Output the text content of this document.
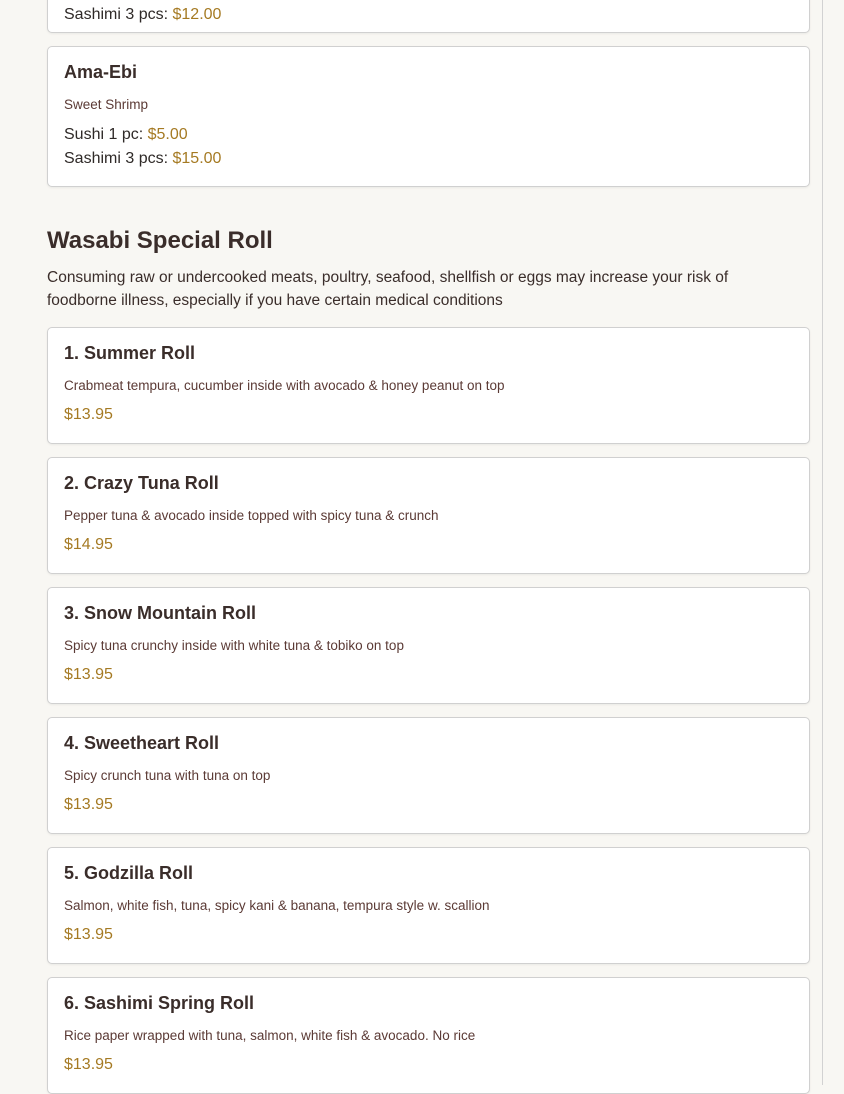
Sashimi 3 pcs: $12.00
Ama-Ebi
Sweet Shrimp
Sushi 1 pc: $5.00
Sashimi 3 pcs: $15.00
Wasabi Special Roll
Consuming raw or undercooked meats, poultry, seafood, shellfish or eggs may increase your risk of foodborne illness, especially if you have certain medical conditions
1. Summer Roll
Crabmeat tempura, cucumber inside with avocado & honey peanut on top
$13.95
2. Crazy Tuna Roll
Pepper tuna & avocado inside topped with spicy tuna & crunch
$14.95
3. Snow Mountain Roll
Spicy tuna crunchy inside with white tuna & tobiko on top
$13.95
4. Sweetheart Roll
Spicy crunch tuna with tuna on top
$13.95
5. Godzilla Roll
Salmon, white fish, tuna, spicy kani & banana, tempura style w. scallion
$13.95
6. Sashimi Spring Roll
Rice paper wrapped with tuna, salmon, white fish & avocado. No rice
$13.95
